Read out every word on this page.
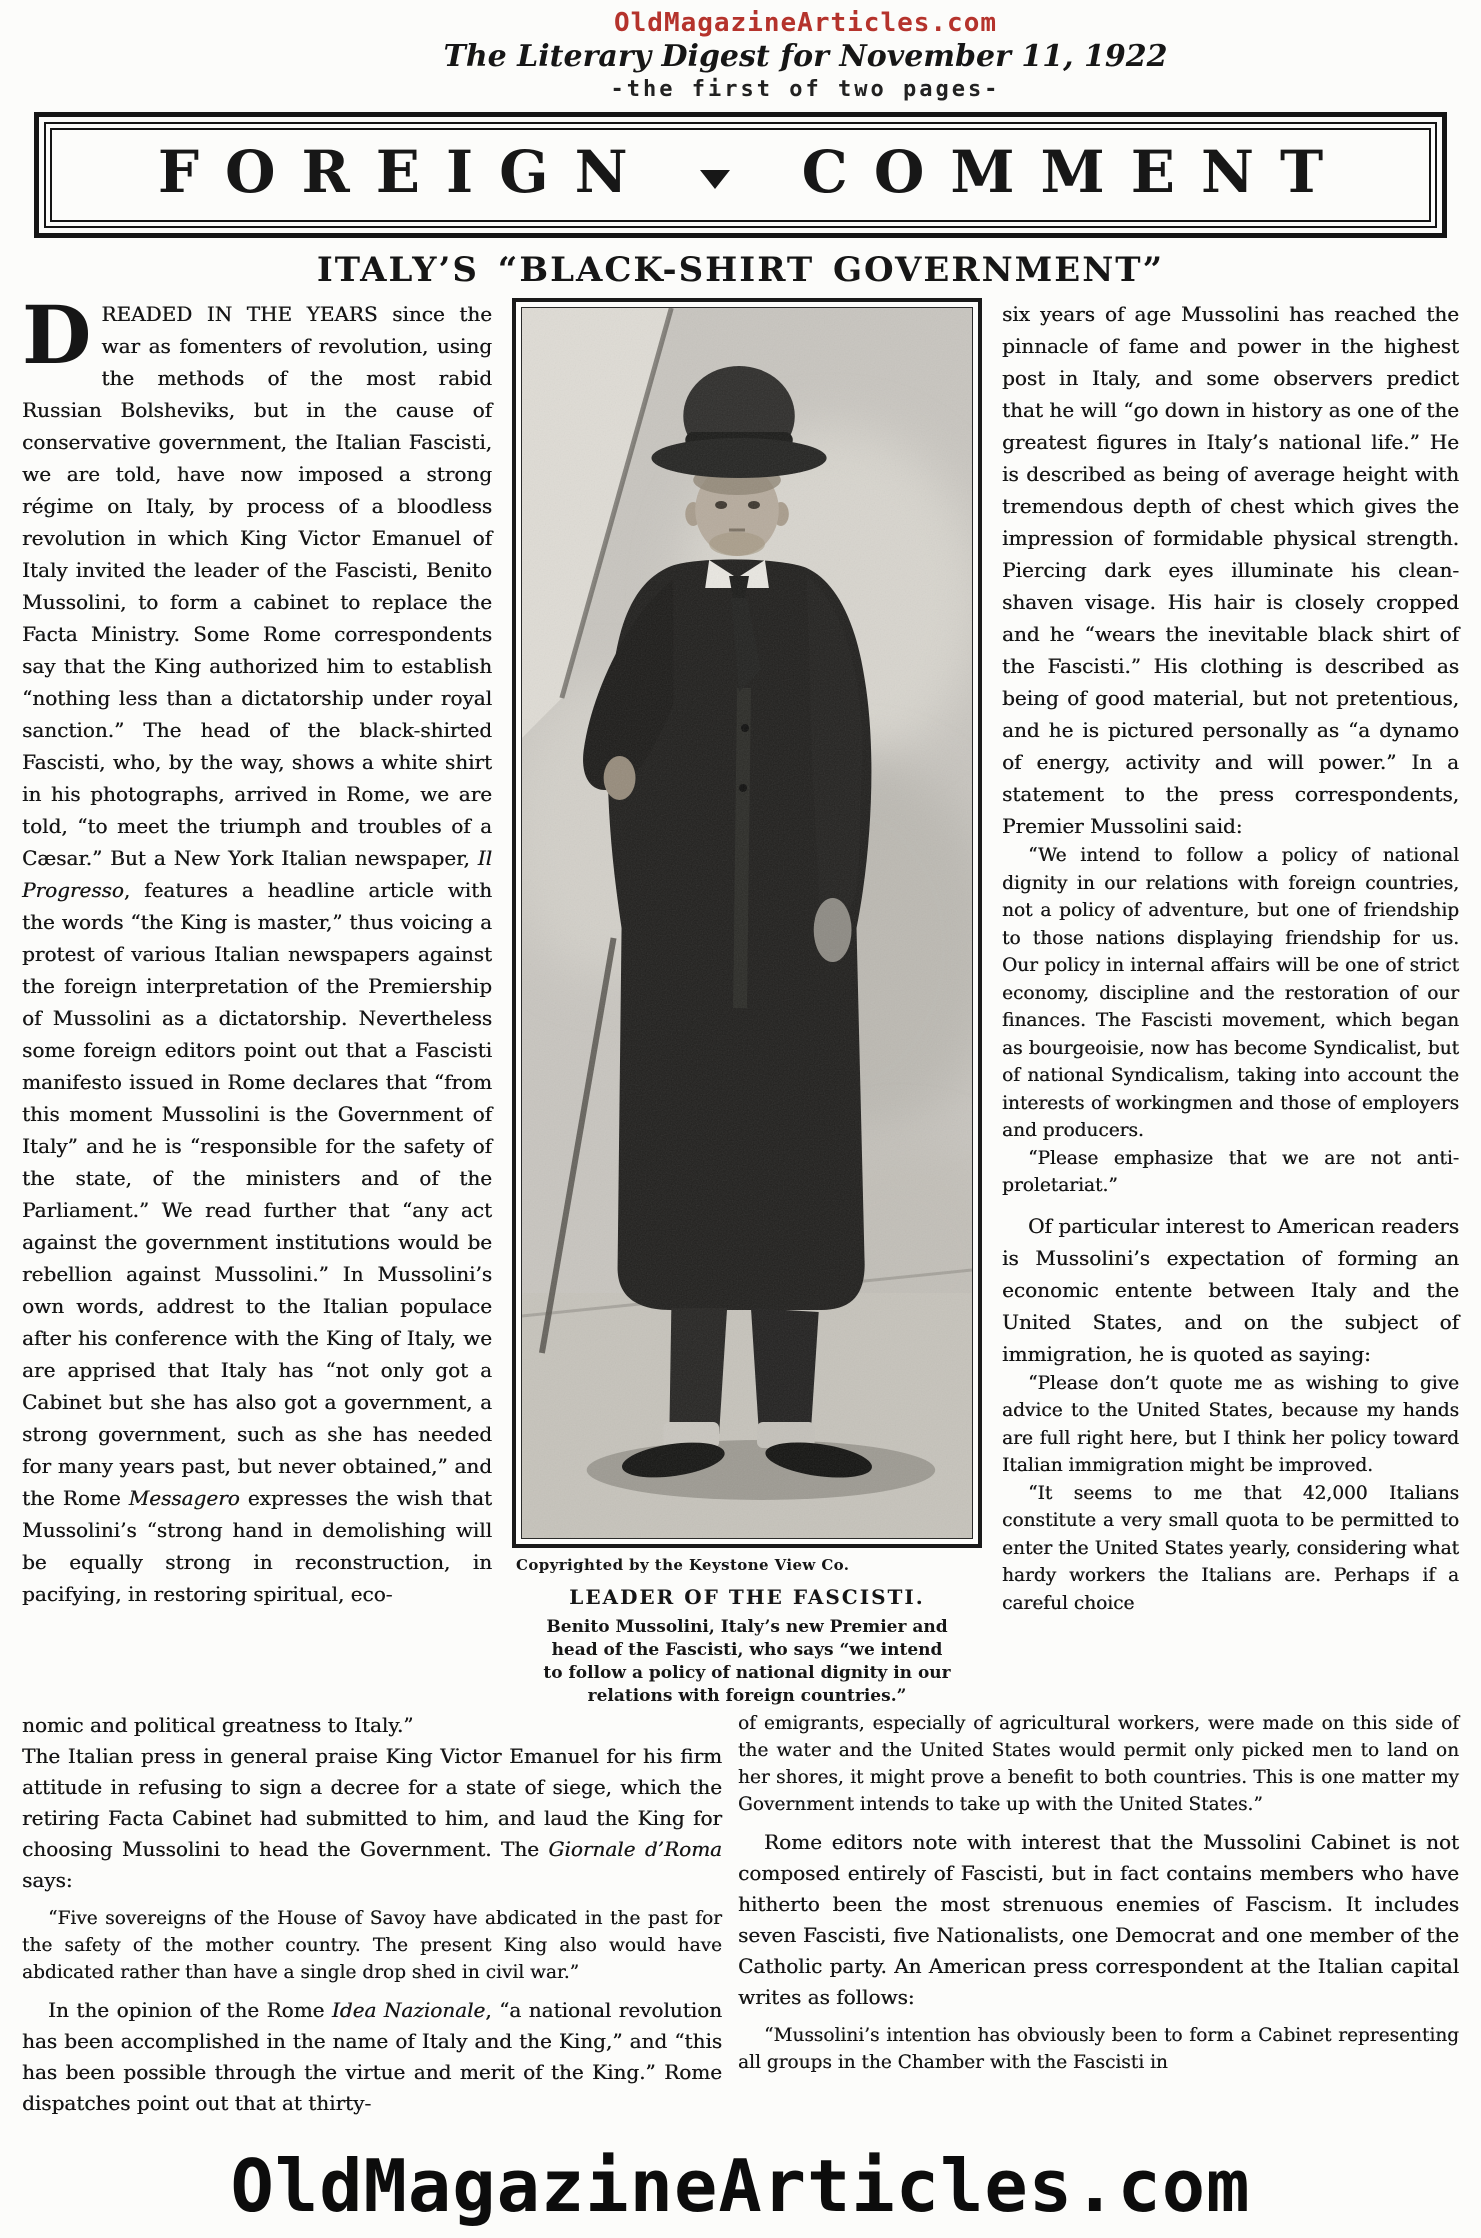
OldMagazineArticles.com
The Literary Digest for November 11, 1922
-the first of two pages-
FOREIGN	COMMENT
ITALY’S “BLACK-SHIRT GOVERNMENT”

DREADED IN THE YEARS since the war as fomenters of revolution, using the methods of the most rabid Russian Bolsheviks, but in the cause of conservative government, the Italian Fascisti, we are told, have now imposed a strong régime on Italy, by process of a bloodless revolution in which King Victor Emanuel of Italy invited the leader of the Fascisti, Benito Mussolini, to form a cabinet to replace the Facta Ministry. Some Rome correspondents say that the King authorized him to establish “nothing less than a dictatorship under royal sanction.” The head of the black-shirted Fascisti, who, by the way, shows a white shirt in his photographs, arrived in Rome, we are told, “to meet the triumph and troubles of a Cæsar.” But a New York Italian newspaper, Il Progresso, features a headline article with the words “the King is master,” thus voicing a protest of various Italian newspapers against the foreign interpretation of the Premiership of Mussolini as a dictatorship. Nevertheless some foreign editors point out that a Fascisti manifesto issued in Rome declares that “from this moment Mussolini is the Government of Italy” and he is “responsible for the safety of the state, of the ministers and of the Parliament.” We read further that “any act against the government institutions would be rebellion against Mussolini.” In Mussolini’s own words, addrest to the Italian populace after his conference with the King of Italy, we are apprised that Italy has “not only got a Cabinet but she has also got a government, a strong government, such as she has needed for many years past, but never obtained,” and the Rome Messagero expresses the wish that Mussolini’s “strong hand in demolishing will be equally strong in reconstruction, in pacifying, in restoring spiritual, eco-

Copyrighted by the Keystone View Co.
LEADER OF THE FASCISTI.
Benito Mussolini, Italy’s new Premier and head of the Fascisti, who says “we intend to follow a policy of national dignity in our relations with foreign countries.”

six years of age Mussolini has reached the pinnacle of fame and power in the highest post in Italy, and some observers predict that he will “go down in history as one of the greatest figures in Italy’s national life.” He is described as being of average height with tremendous depth of chest which gives the impression of formidable physical strength. Piercing dark eyes illuminate his clean-shaven visage. His hair is closely cropped and he “wears the inevitable black shirt of the Fascisti.” His clothing is described as being of good material, but not pretentious, and he is pictured personally as “a dynamo of energy, activity and will power.” In a statement to the press correspondents, Premier Mussolini said:

“We intend to follow a policy of national dignity in our relations with foreign countries, not a policy of adventure, but one of friendship to those nations displaying friendship for us. Our policy in internal affairs will be one of strict economy, discipline and the restoration of our finances. The Fascisti movement, which began as bourgeoisie, now has become Syndicalist, but of national Syndicalism, taking into account the interests of workingmen and those of employers and producers.

“Please emphasize that we are not anti-proletariat.”

Of particular interest to American readers is Mussolini’s expectation of forming an economic entente between Italy and the United States, and on the subject of immigration, he is quoted as saying:

“Please don’t quote me as wishing to give advice to the United States, because my hands are full right here, but I think her policy toward Italian immigration might be improved.

“It seems to me that 42,000 Italians constitute a very small quota to be permitted to enter the United States yearly, considering what hardy workers the Italians are. Perhaps if a careful choice

nomic and political greatness to Italy.”

The Italian press in general praise King Victor Emanuel for his firm attitude in refusing to sign a decree for a state of siege, which the retiring Facta Cabinet had submitted to him, and laud the King for choosing Mussolini to head the Government. The Giornale d’Roma says:

“Five sovereigns of the House of Savoy have abdicated in the past for the safety of the mother country. The present King also would have abdicated rather than have a single drop shed in civil war.”

In the opinion of the Rome Idea Nazionale, “a national revolution has been accomplished in the name of Italy and the King,” and “this has been possible through the virtue and merit of the King.” Rome dispatches point out that at thirty-

of emigrants, especially of agricultural workers, were made on this side of the water and the United States would permit only picked men to land on her shores, it might prove a benefit to both countries. This is one matter my Government intends to take up with the United States.”

Rome editors note with interest that the Mussolini Cabinet is not composed entirely of Fascisti, but in fact contains members who have hitherto been the most strenuous enemies of Fascism. It includes seven Fascisti, five Nationalists, one Democrat and one member of the Catholic party. An American press correspondent at the Italian capital writes as follows:

“Mussolini’s intention has obviously been to form a Cabinet representing all groups in the Chamber with the Fascisti in

OldMagazineArticles.com
